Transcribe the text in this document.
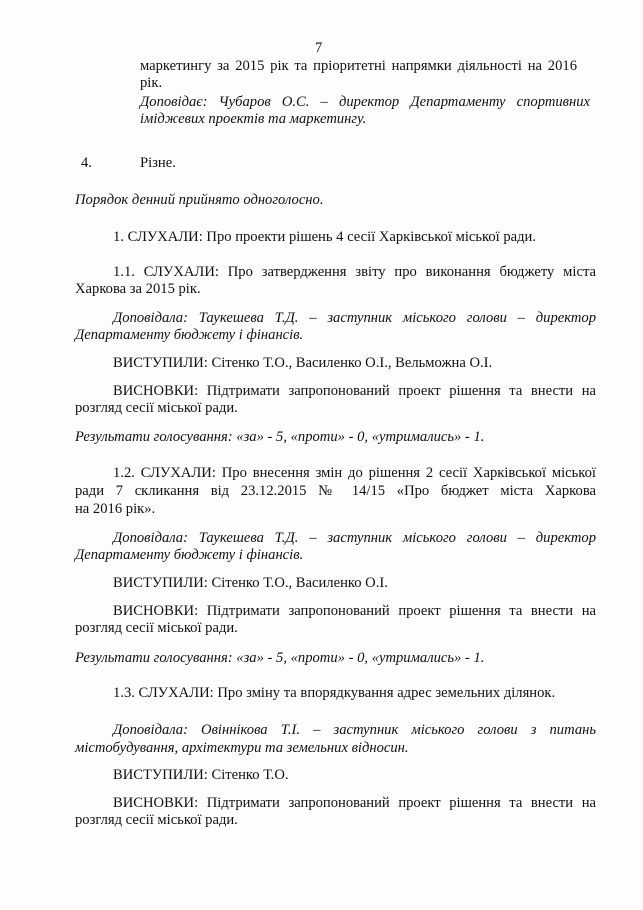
7
маркетингу за 2015 рік та пріоритетні напрямки діяльності на 2016
рік.
Доповідає: Чубаров О.С. – директор Департаменту спортивних
іміджевих проектів та маркетингу.
4.	Різне.
Порядок денний прийнято одноголосно.
1. СЛУХАЛИ: Про проекти рішень 4 сесії Харківської міської ради.
1.1. СЛУХАЛИ: Про затвердження звіту про виконання бюджету міста
Харкова за 2015 рік.
Доповідала: Таукешева Т.Д. – заступник міського голови – директор
Департаменту бюджету і фінансів.
ВИСТУПИЛИ: Сітенко Т.О., Василенко О.І., Вельможна О.І.
ВИСНОВКИ: Підтримати запропонований проект рішення та внести на
розгляд сесії міської ради.
Результати голосування: «за» - 5, «проти» - 0, «утримались» - 1.
1.2. СЛУХАЛИ: Про внесення змін до рішення 2 сесії Харківської міської
ради 7 скликання від 23.12.2015 № 14/15 «Про бюджет міста Харкова
на 2016 рік».
Доповідала: Таукешева Т.Д. – заступник міського голови – директор
Департаменту бюджету і фінансів.
ВИСТУПИЛИ: Сітенко Т.О., Василенко О.І.
ВИСНОВКИ: Підтримати запропонований проект рішення та внести на
розгляд сесії міської ради.
Результати голосування: «за» - 5, «проти» - 0, «утримались» - 1.
1.3. СЛУХАЛИ: Про зміну та впорядкування адрес земельних ділянок.
Доповідала: Овіннікова Т.І. – заступник міського голови з питань
містобудування, архітектури та земельних відносин.
ВИСТУПИЛИ: Сітенко Т.О.
ВИСНОВКИ: Підтримати запропонований проект рішення та внести на
розгляд сесії міської ради.
